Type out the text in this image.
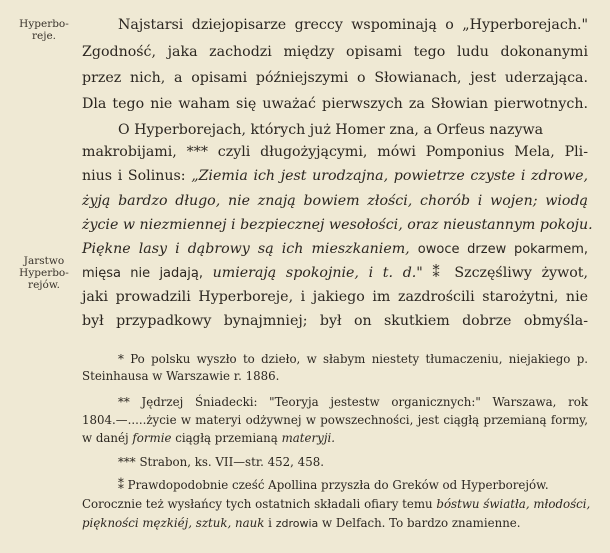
Hyperbo-
reje.
Jarstwo
Hyperbo-
rejów.
Najstarsi dziejopisarze greccy wspominają o „Hyperborejach."
Zgodność, jaka zachodzi między opisami tego ludu dokonanymi
przez nich, a opisami późniejszymi o Słowianach, jest uderzająca.
Dla tego nie waham się uważać pierwszych za Słowian pierwotnych.
O Hyperborejach, których już Homer zna, a Orfeus nazywa
makrobijami, *** czyli długożyjącymi, mówi Pomponius Mela, Pli-
nius i Solinus: „Ziemia ich jest urodzajna, powietrze czyste i zdrowe,
żyją bardzo długo, nie znają bowiem złości, chorób i wojen; wiodą
życie w niezmiennej i bezpiecznej wesołości, oraz nieustannym pokoju.
Piękne lasy i dąbrowy są ich mieszkaniem, owoce drzew pokarmem,
mięsa nie jadają, umierają spokojnie, i t. d." ⁑ Szczęśliwy żywot,
jaki prowadzili Hyperboreje, i jakiego im zazdrościli starożytni, nie
był przypadkowy bynajmniej; był on skutkiem dobrze obmyśla-
* Po polsku wyszło to dzieło, w słabym niestety tłumaczeniu, niejakiego p.
Steinhausa w Warszawie r. 1886.
** Jędrzej Śniadecki: "Teoryja jestestw organicznych:" Warszawa, rok
1804.—.....życie w materyi odżywnej w powszechności, jest ciągłą przemianą formy,
w danéj formie ciągłą przemianą materyji.
*** Strabon, ks. VII—str. 452, 458.
⁑ Prawdopodobnie cześć Apollina przyszła do Greków od Hyperborejów.
Corocznie też wysłańcy tych ostatnich składali ofiary temu bóstwu światła, młodości,
piękności męzkiéj, sztuk, nauk i zdrowia w Delfach. To bardzo znamienne.
